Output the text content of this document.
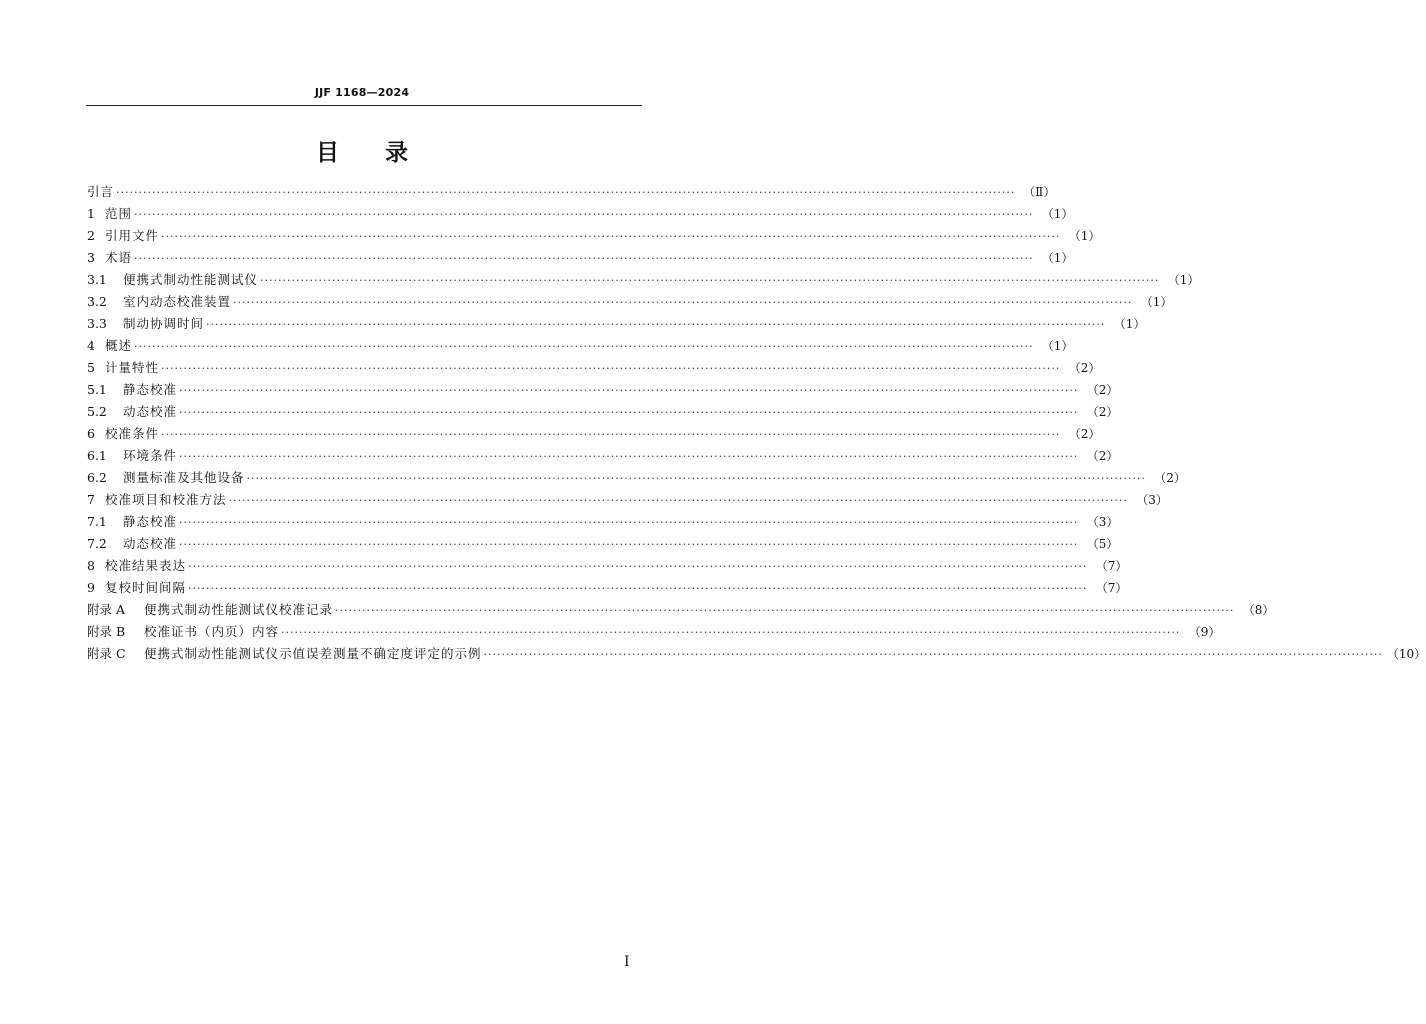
JJF 1168—2024
目录
引言 ········································································································································································································ （Ⅱ）
1 范围 ········································································································································································································ （1）
2 引用文件 ········································································································································································································ （1）
3 术语 ········································································································································································································ （1）
3.1	便携式制动性能测试仪 ········································································································································································································ （1）
3.2	室内动态校准装置 ········································································································································································································ （1）
3.3	制动协调时间 ········································································································································································································ （1）
4 概述 ········································································································································································································ （1）
5 计量特性 ········································································································································································································ （2）
5.1	静态校准 ········································································································································································································ （2）
5.2	动态校准 ········································································································································································································ （2）
6 校准条件 ········································································································································································································ （2）
6.1	环境条件 ········································································································································································································ （2）
6.2	测量标准及其他设备 ········································································································································································································ （2）
7 校准项目和校准方法 ········································································································································································································ （3）
7.1	静态校准 ········································································································································································································ （3）
7.2	动态校准 ········································································································································································································ （5）
8 校准结果表达 ········································································································································································································ （7）
9 复校时间间隔 ········································································································································································································ （7）
附录 A	便携式制动性能测试仪校准记录 ········································································································································································································ （8）
附录 B	校准证书（内页）内容 ········································································································································································································ （9）
附录 C	便携式制动性能测试仪示值误差测量不确定度评定的示例 ········································································································································································································ （10）
I
